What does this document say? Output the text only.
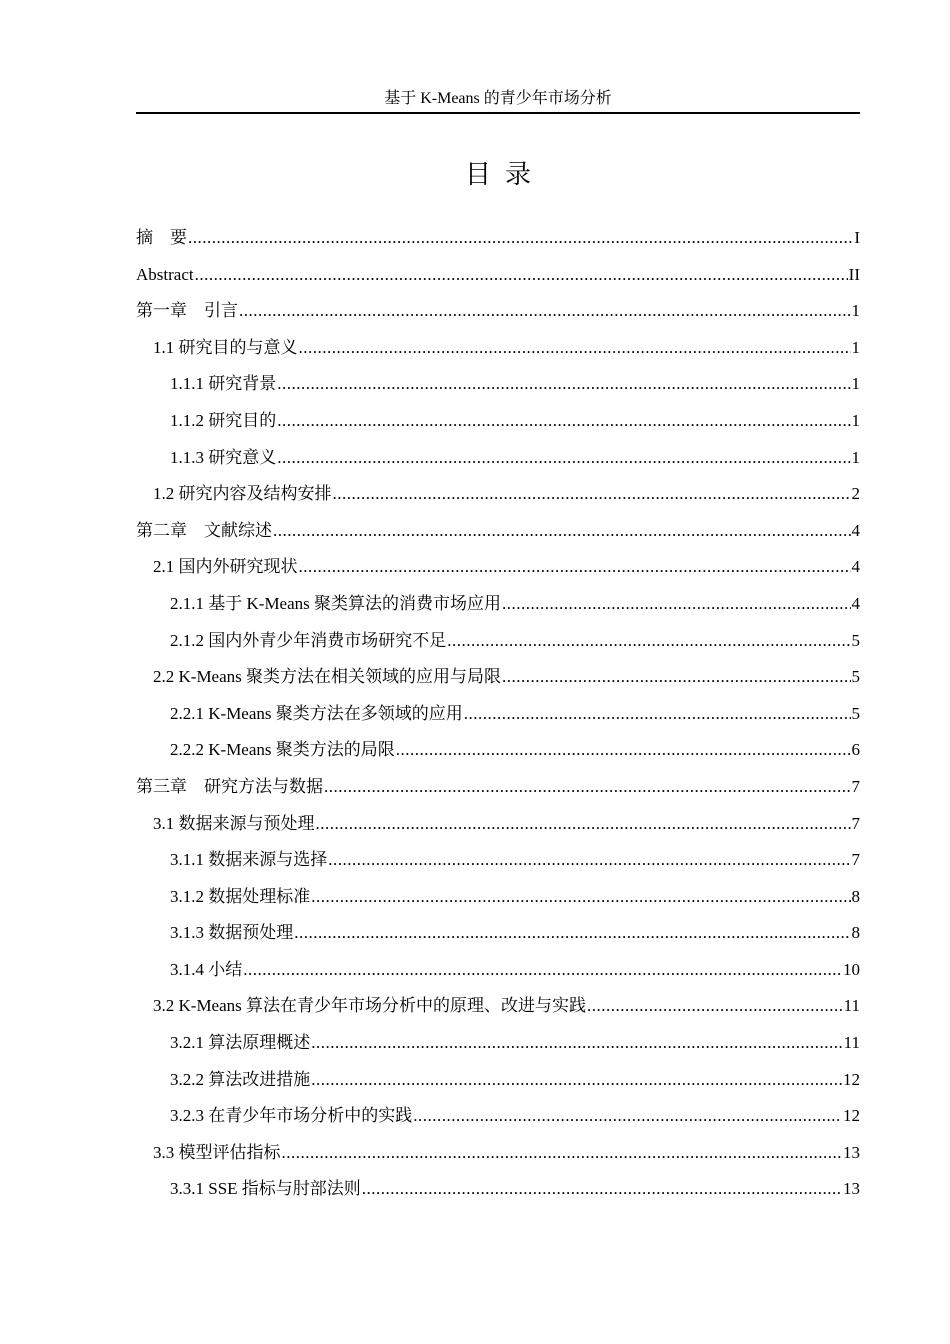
基于 K-Means 的青少年市场分析
目录
摘　要 .....	I
Abstract .....	II
第一章　引言 .....	1
1.1 研究目的与意义 .....	1
1.1.1 研究背景 .....	1
1.1.2 研究目的 .....	1
1.1.3 研究意义 .....	1
1.2 研究内容及结构安排 .....	2
第二章　文献综述 .....	4
2.1 国内外研究现状 .....	4
2.1.1 基于 K-Means 聚类算法的消费市场应用 .....	4
2.1.2 国内外青少年消费市场研究不足 .....	5
2.2 K-Means 聚类方法在相关领域的应用与局限 .....	5
2.2.1 K-Means 聚类方法在多领域的应用 .....	5
2.2.2 K-Means 聚类方法的局限 .....	6
第三章　研究方法与数据 .....	7
3.1 数据来源与预处理 .....	7
3.1.1 数据来源与选择 .....	7
3.1.2 数据处理标准 .....	8
3.1.3 数据预处理 .....	8
3.1.4 小结 .....	10
3.2 K-Means 算法在青少年市场分析中的原理、改进与实践 .....	11
3.2.1 算法原理概述 .....	11
3.2.2 算法改进措施 .....	12
3.2.3 在青少年市场分析中的实践 .....	12
3.3 模型评估指标 .....	13
3.3.1 SSE 指标与肘部法则 .....	13
